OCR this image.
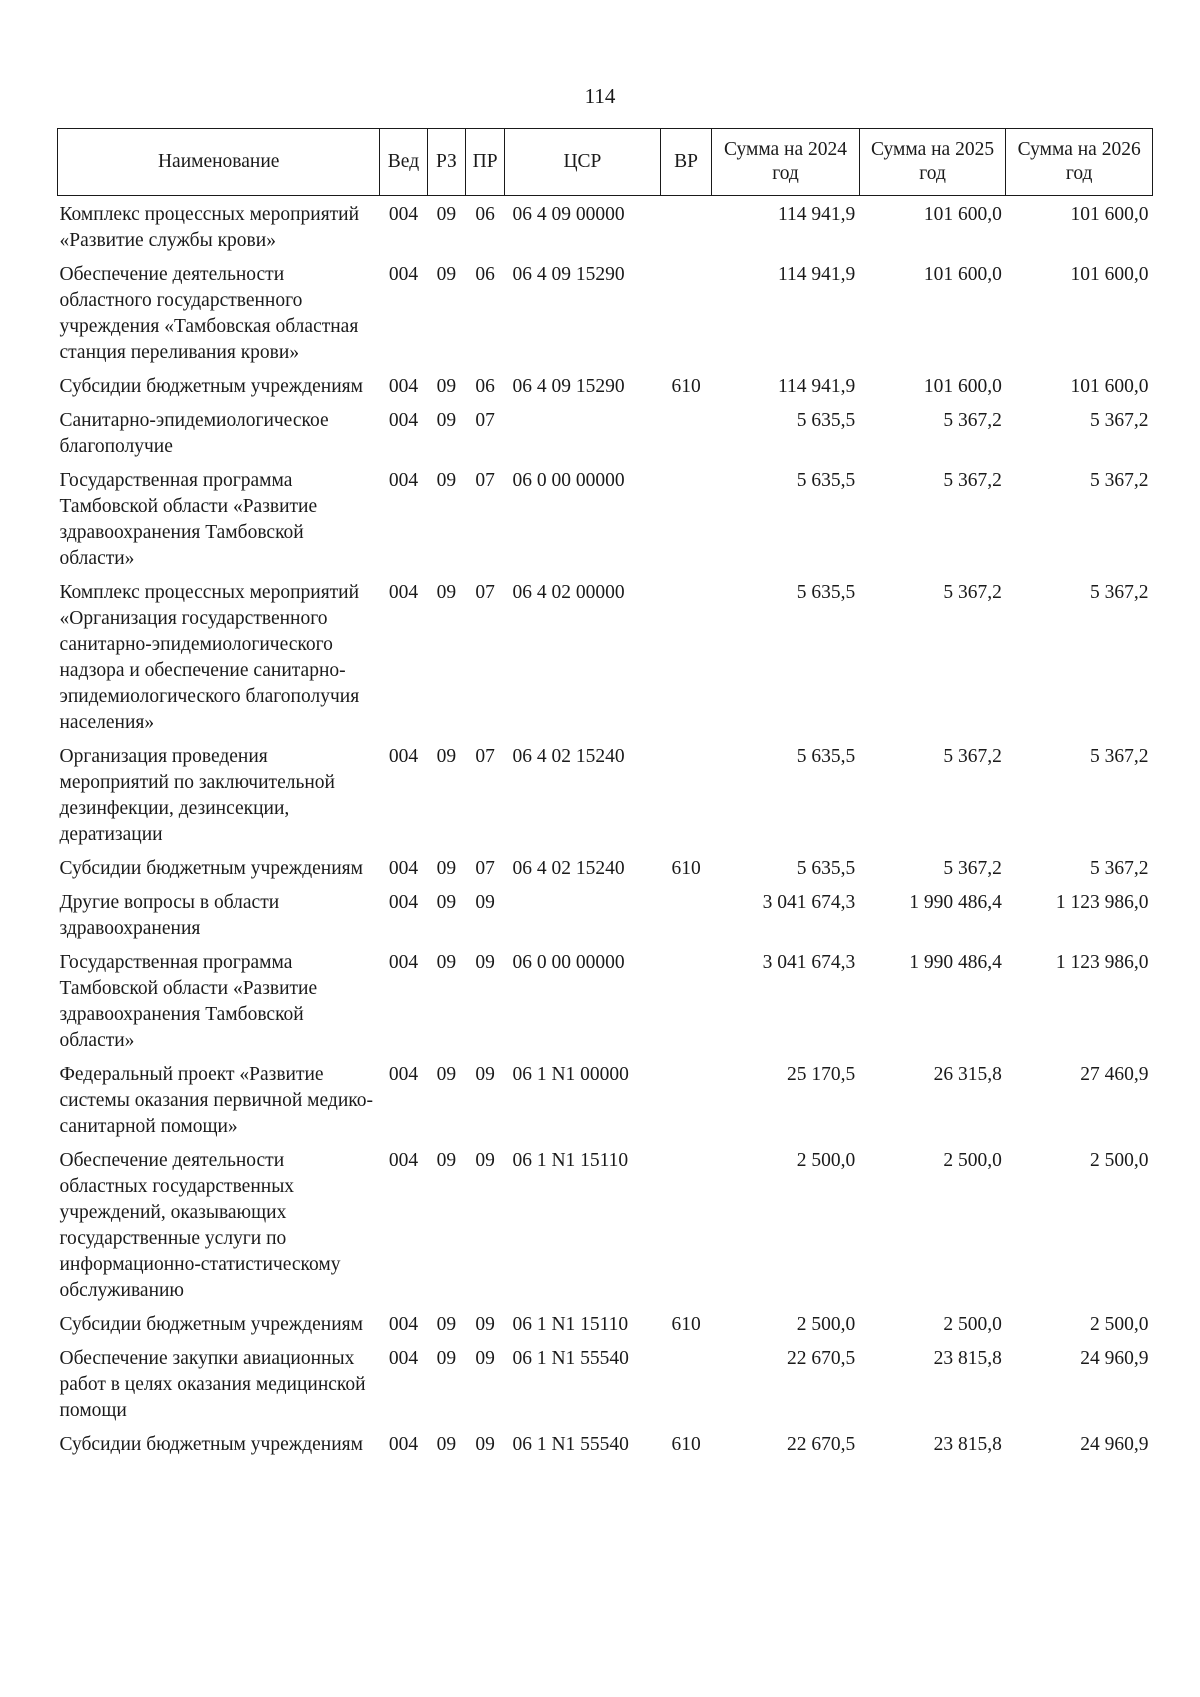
114
Наименование	Вед	РЗ	ПР	ЦСР	ВР	Сумма на 2024 год	Сумма на 2025 год	Сумма на 2026 год
Комплекс процессных мероприятий «Развитие службы крови»	004	09	06	06 4 09 00000		114 941,9	101 600,0	101 600,0
Обеспечение деятельности областного государственного учреждения «Тамбовская областная станция переливания крови»	004	09	06	06 4 09 15290		114 941,9	101 600,0	101 600,0
Субсидии бюджетным учреждениям	004	09	06	06 4 09 15290	610	114 941,9	101 600,0	101 600,0
Санитарно-эпидемиологическое благополучие	004	09	07			5 635,5	5 367,2	5 367,2
Государственная программа Тамбовской области «Развитие здравоохранения Тамбовской области»	004	09	07	06 0 00 00000		5 635,5	5 367,2	5 367,2
Комплекс процессных мероприятий «Организация государственного санитарно-эпидемиологического надзора и обеспечение санитарно-эпидемиологического благополучия населения»	004	09	07	06 4 02 00000		5 635,5	5 367,2	5 367,2
Организация проведения мероприятий по заключительной дезинфекции, дезинсекции, дератизации	004	09	07	06 4 02 15240		5 635,5	5 367,2	5 367,2
Субсидии бюджетным учреждениям	004	09	07	06 4 02 15240	610	5 635,5	5 367,2	5 367,2
Другие вопросы в области здравоохранения	004	09	09			3 041 674,3	1 990 486,4	1 123 986,0
Государственная программа Тамбовской области «Развитие здравоохранения Тамбовской области»	004	09	09	06 0 00 00000		3 041 674,3	1 990 486,4	1 123 986,0
Федеральный проект «Развитие системы оказания первичной медико-санитарной помощи»	004	09	09	06 1 N1 00000		25 170,5	26 315,8	27 460,9
Обеспечение деятельности областных государственных учреждений, оказывающих государственные услуги по информационно-статистическому обслуживанию	004	09	09	06 1 N1 15110		2 500,0	2 500,0	2 500,0
Субсидии бюджетным учреждениям	004	09	09	06 1 N1 15110	610	2 500,0	2 500,0	2 500,0
Обеспечение закупки авиационных работ в целях оказания медицинской помощи	004	09	09	06 1 N1 55540		22 670,5	23 815,8	24 960,9
Субсидии бюджетным учреждениям	004	09	09	06 1 N1 55540	610	22 670,5	23 815,8	24 960,9
